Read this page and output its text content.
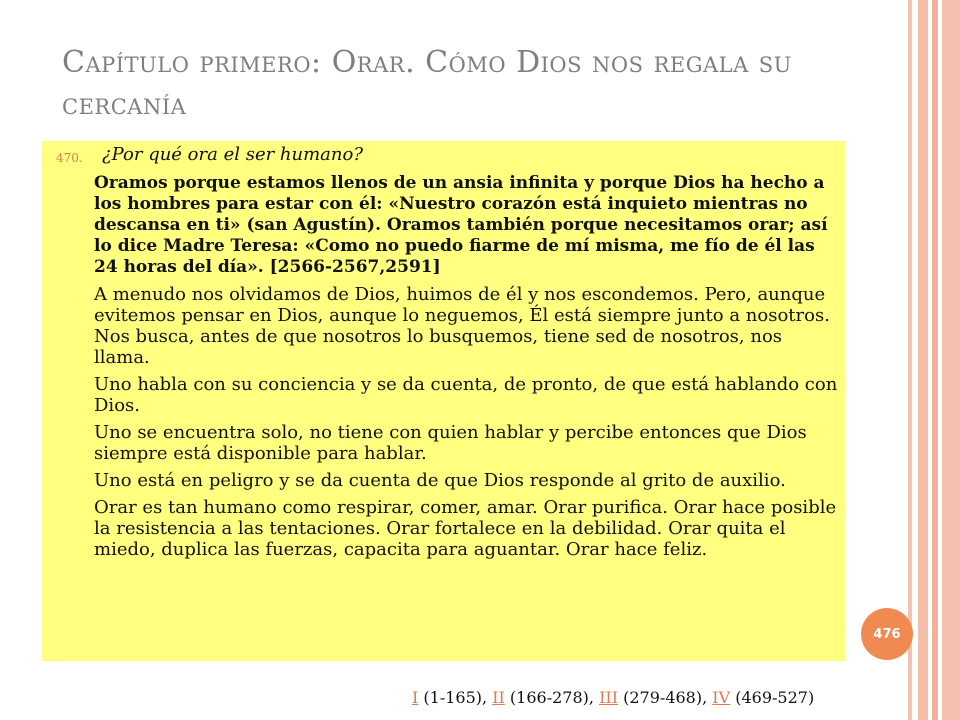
Capítulo primero: Orar. Cómo Dios nos regala su cercanía
470. ¿Por qué ora el ser humano?

Oramos porque estamos llenos de un ansia infinita y porque Dios ha hecho a los hombres para estar con él: «Nuestro corazón está inquieto mientras no descansa en ti» (san Agustín). Oramos también porque necesitamos orar; así lo dice Madre Teresa: «Como no puedo fiarme de mí misma, me fío de él las 24 horas del día». [2566-2567,2591]

A menudo nos olvidamos de Dios, huimos de él y nos escondemos. Pero, aunque evitemos pensar en Dios, aunque lo neguemos, Él está siempre junto a nosotros. Nos busca, antes de que nosotros lo busquemos, tiene sed de nosotros, nos llama.

Uno habla con su conciencia y se da cuenta, de pronto, de que está hablando con Dios.

Uno se encuentra solo, no tiene con quien hablar y percibe entonces que Dios siempre está disponible para hablar.

Uno está en peligro y se da cuenta de que Dios responde al grito de auxilio.

Orar es tan humano como respirar, comer, amar. Orar purifica. Orar hace posible la resistencia a las tentaciones. Orar fortalece en la debilidad. Orar quita el miedo, duplica las fuerzas, capacita para aguantar. Orar hace feliz.

476
I (1-165), II (166-278), III (279-468), IV (469-527)
